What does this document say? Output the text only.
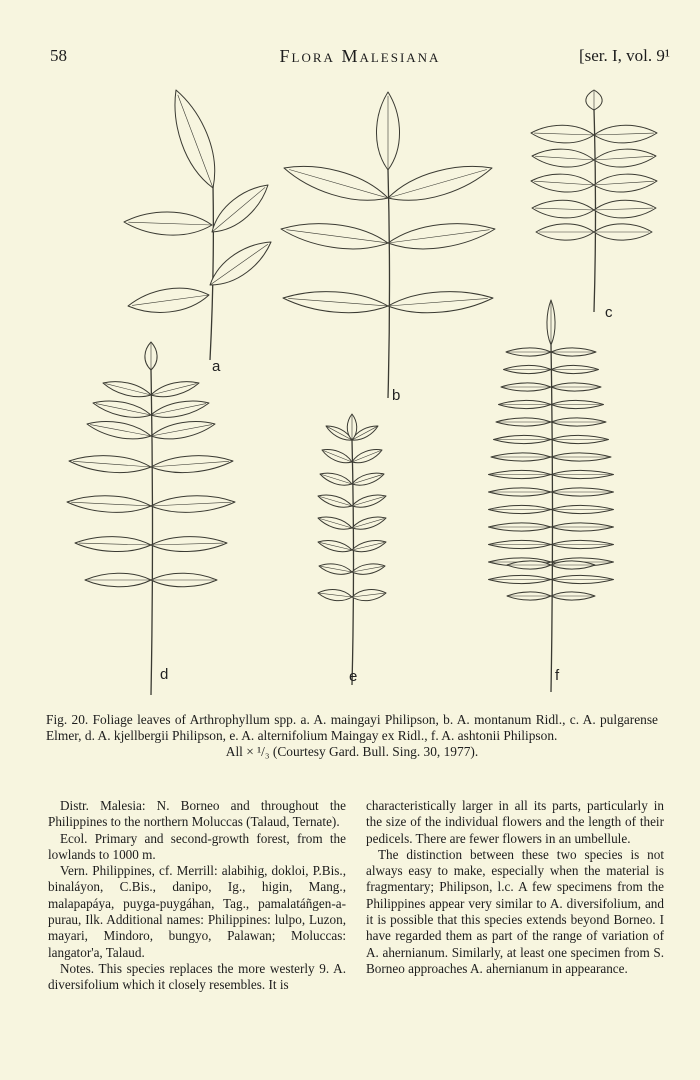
58	Flora Malesiana	[ser. I, vol. 9¹
a
b
c
d	e	f
Fig. 20. Foliage leaves of Arthrophyllum spp. a. A. maingayi Philipson, b. A. montanum Ridl., c. A. pulgarense Elmer, d. A. kjellbergii Philipson, e. A. alternifolium Maingay ex Ridl., f. A. ashtonii Philipson.
All × ¹/₃ (Courtesy Gard. Bull. Sing. 30, 1977).

Distr. Malesia: N. Borneo and throughout the Philippines to the northern Moluccas (Talaud, Ternate).

Ecol. Primary and second-growth forest, from the lowlands to 1000 m.

Vern. Philippines, cf. Merrill: alabihig, dokloi, P.Bis., binaláyon, C.Bis., danipo, Ig., higin, Mang., malapapáya, puyga-puygáhan, Tag., pamalatáñgen-a-purau, Ilk. Additional names: Philippines: lulpo, Luzon, mayari, Mindoro, bungyo, Palawan; Moluccas: langator'a, Talaud.

Notes. This species replaces the more westerly 9. A. diversifolium which it closely resembles. It is

characteristically larger in all its parts, particularly in the size of the individual flowers and the length of their pedicels. There are fewer flowers in an umbellule.

The distinction between these two species is not always easy to make, especially when the material is fragmentary; Philipson, l.c. A few specimens from the Philippines appear very similar to A. diversifolium, and it is possible that this species extends beyond Borneo. I have regarded them as part of the range of variation of A. ahernianum. Similarly, at least one specimen from S. Borneo approaches A. ahernianum in appearance.
